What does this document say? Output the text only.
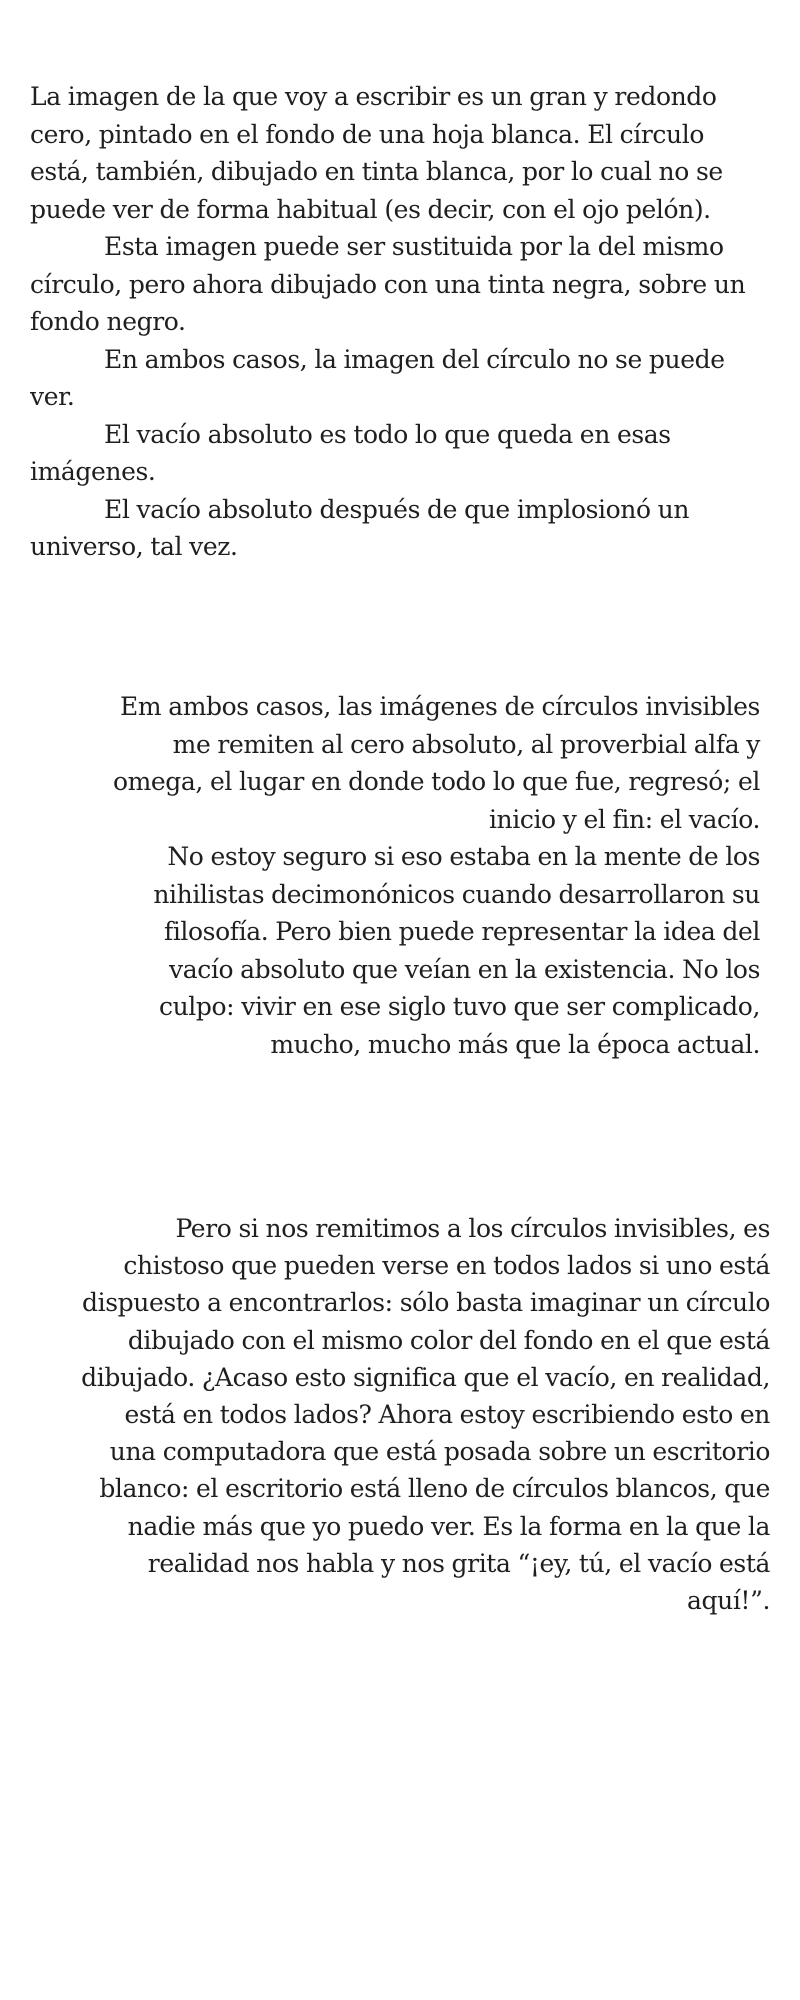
La imagen de la que voy a escribir es un gran y redondo cero, pintado en el fondo de una hoja blanca. El círculo está, también, dibujado en tinta blanca, por lo cual no se puede ver de forma habitual (es decir, con el ojo pelón).

Esta imagen puede ser sustituida por la del mismo círculo, pero ahora dibujado con una tinta negra, sobre un fondo negro.

En ambos casos, la imagen del círculo no se puede ver.

El vacío absoluto es todo lo que queda en esas imágenes.

El vacío absoluto después de que implosionó un universo, tal vez.

Em ambos casos, las imágenes de círculos invisibles me remiten al cero absoluto, al proverbial alfa y omega, el lugar en donde todo lo que fue, regresó; el inicio y el fin: el vacío.

No estoy seguro si eso estaba en la mente de los nihilistas decimonónicos cuando desarrollaron su filosofía. Pero bien puede representar la idea del vacío absoluto que veían en la existencia. No los culpo: vivir en ese siglo tuvo que ser complicado, mucho, mucho más que la época actual.

Pero si nos remitimos a los círculos invisibles, es chistoso que pueden verse en todos lados si uno está dispuesto a encontrarlos: sólo basta imaginar un círculo dibujado con el mismo color del fondo en el que está dibujado. ¿Acaso esto significa que el vacío, en realidad, está en todos lados? Ahora estoy escribiendo esto en una computadora que está posada sobre un escritorio blanco: el escritorio está lleno de círculos blancos, que nadie más que yo puedo ver. Es la forma en la que la realidad nos habla y nos grita “¡ey, tú, el vacío está aquí!”.
